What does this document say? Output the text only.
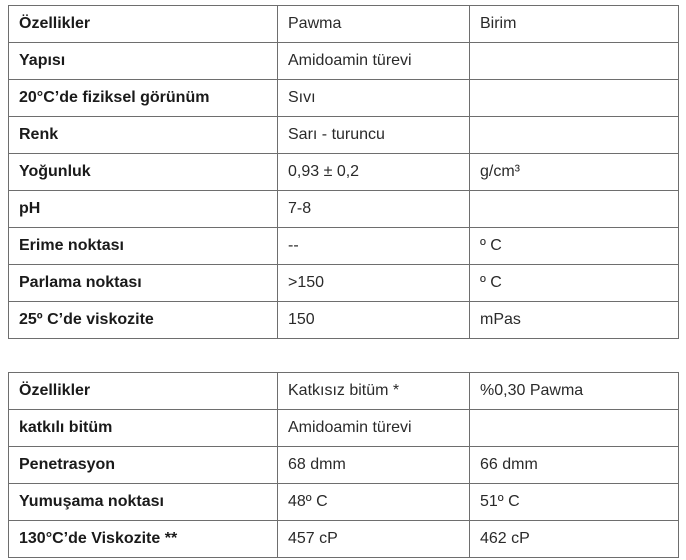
Özellikler	Pawma	Birim
Yapısı	Amidoamin türevi	
20°C’de fiziksel görünüm	Sıvı	
Renk	Sarı - turuncu	
Yoğunluk	0,93 ± 0,2	g/cm³
pH	7-8	
Erime noktası	--	º C
Parlama noktası	>150	º C
25º C’de viskozite	150	mPas
Özellikler	Katkısız bitüm *	%0,30 Pawma
katkılı bitüm	Amidoamin türevi	
Penetrasyon	68 dmm	66 dmm
Yumuşama noktası	48º C	51º C
130°C’de Viskozite **	457 cP	462 cP
